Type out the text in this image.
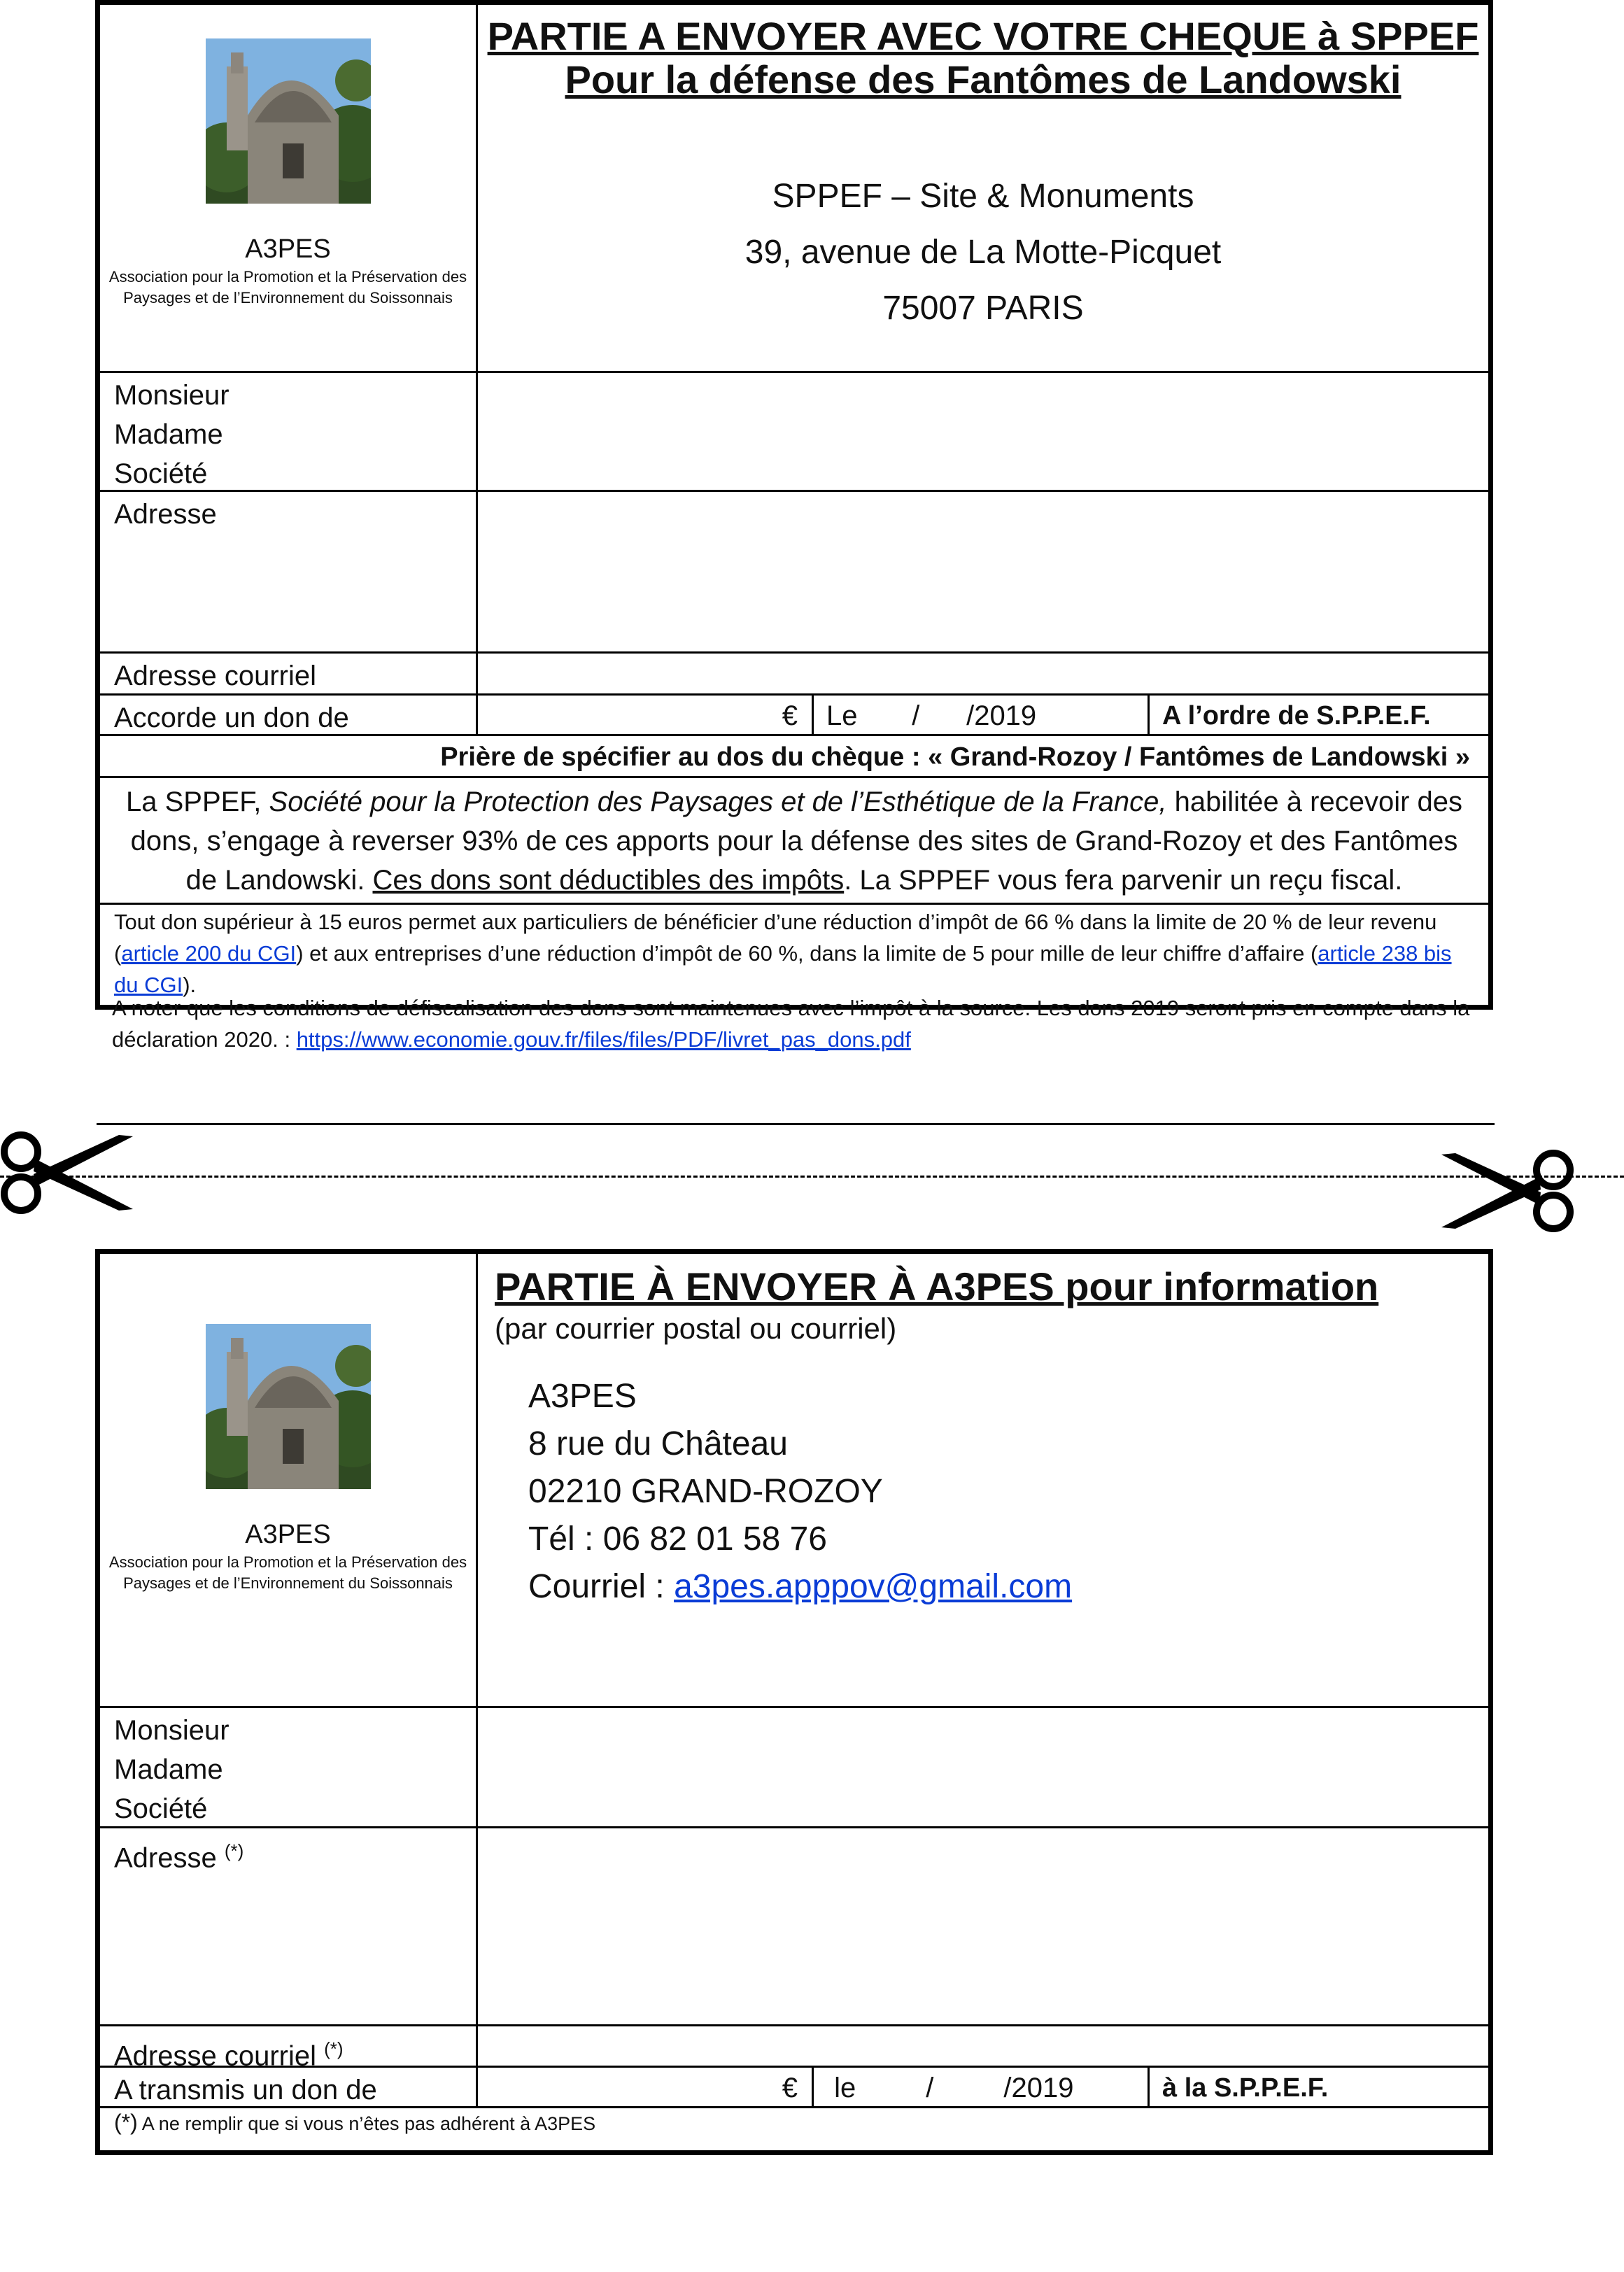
A3PES
Association pour la Promotion et la Préservation des Paysages et de l’Environnement du Soissonnais
PARTIE A ENVOYER AVEC VOTRE CHEQUE à SPPEF
Pour la défense des Fantômes de Landowski
SPPEF – Site & Monuments
39, avenue de La Motte-Picquet
75007 PARIS
Monsieur
Madame
Société
Adresse
Adresse courriel
Accorde un don de	€	Le       /      /2019	A l’ordre de S.P.P.E.F.
Prière de spécifier au dos du chèque : « Grand-Rozoy / Fantômes de Landowski »
La SPPEF, Société pour la Protection des Paysages et de l’Esthétique de la France, habilitée à recevoir des dons, s’engage à reverser 93% de ces apports pour la défense des sites de Grand-Rozoy et des Fantômes de Landowski. Ces dons sont déductibles des impôts. La SPPEF vous fera parvenir un reçu fiscal.
Tout don supérieur à 15 euros permet aux particuliers de bénéficier d’une réduction d’impôt de 66 % dans la limite de 20 % de leur revenu (article 200 du CGI) et aux entreprises d’une réduction d’impôt de 60 %, dans la limite de 5 pour mille de leur chiffre d’affaire (article 238 bis du CGI).
A noter que les conditions de défiscalisation des dons sont maintenues avec l’impôt à la source. Les dons 2019 seront pris en compte dans la déclaration 2020. : https://www.economie.gouv.fr/files/files/PDF/livret_pas_dons.pdf
A3PES
Association pour la Promotion et la Préservation des Paysages et de l’Environnement du Soissonnais
PARTIE À ENVOYER À A3PES pour information
(par courrier postal ou courriel)
A3PES
8 rue du Château
02210 GRAND-ROZOY
Tél : 06 82 01 58 76
Courriel : a3pes.apppov@gmail.com
Monsieur
Madame
Société
Adresse (*)
Adresse courriel (*)
A transmis un don de	€	le         /         /2019	à la S.P.P.E.F.
(*) A ne remplir que si vous n’êtes pas adhérent à A3PES
